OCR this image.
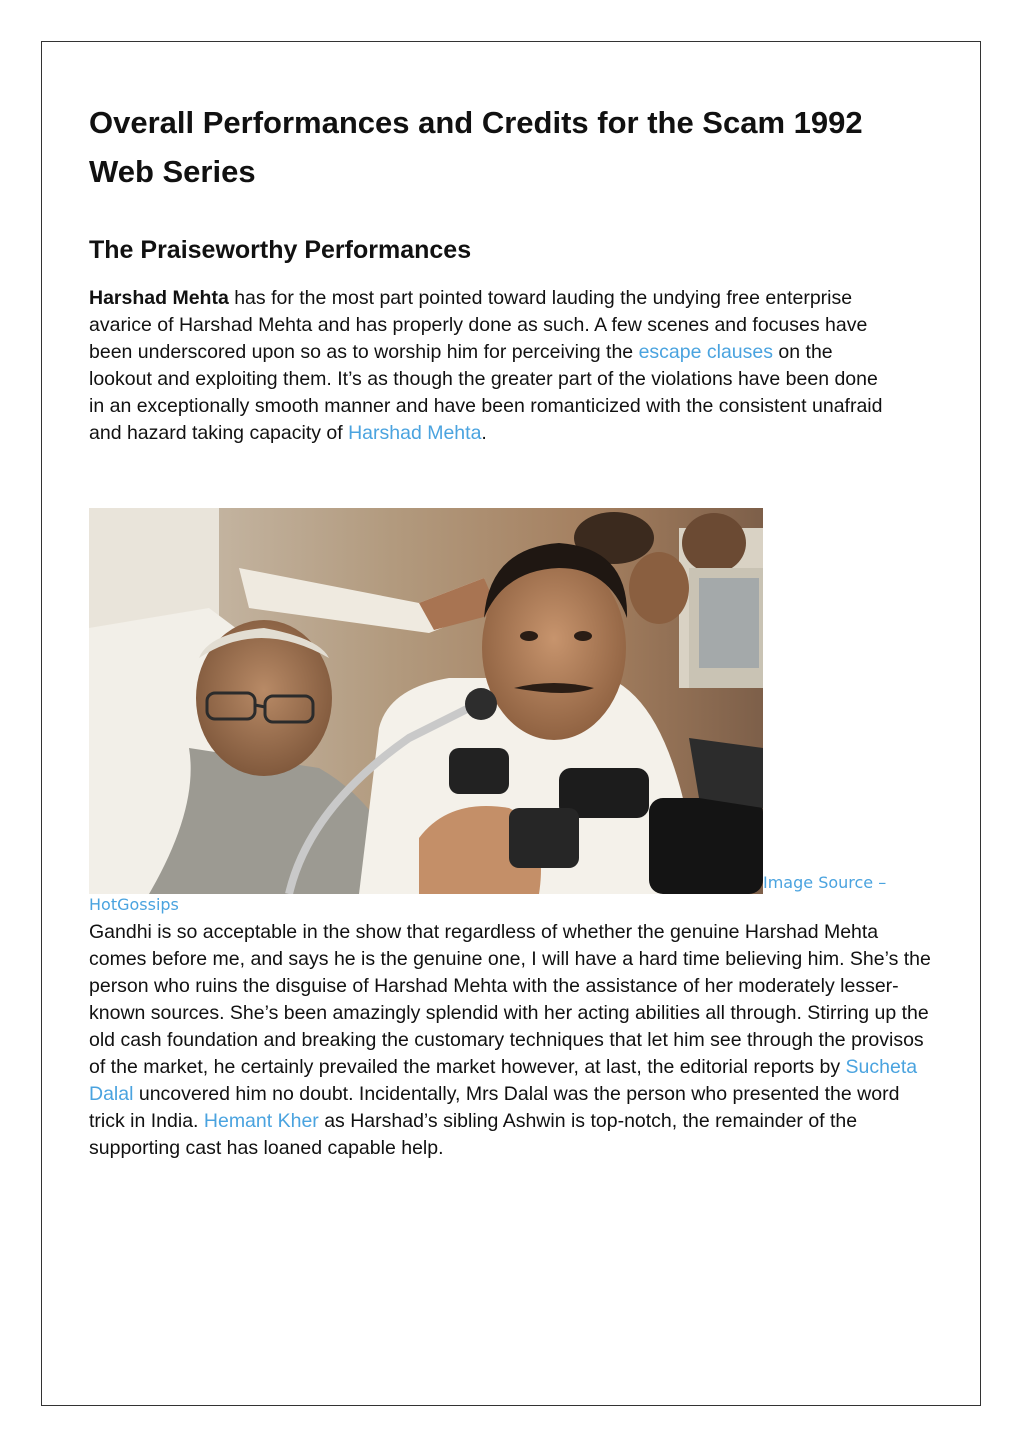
Overall Performances and Credits for the Scam 1992 Web Series
The Praiseworthy Performances

Harshad Mehta has for the most part pointed toward lauding the undying free enterprise avarice of Harshad Mehta and has properly done as such. A few scenes and focuses have been underscored upon so as to worship him for perceiving the escape clauses on the lookout and exploiting them. It’s as though the greater part of the violations have been done in an exceptionally smooth manner and have been romanticized with the consistent unafraid and hazard taking capacity of Harshad Mehta.

Image Source –
HotGossips

Gandhi is so acceptable in the show that regardless of whether the genuine Harshad Mehta comes before me, and says he is the genuine one, I will have a hard time believing him. She’s the person who ruins the disguise of Harshad Mehta with the assistance of her moderately lesser-known sources. She’s been amazingly splendid with her acting abilities all through. Stirring up the old cash foundation and breaking the customary techniques that let him see through the provisos of the market, he certainly prevailed the market however, at last, the editorial reports by Sucheta Dalal uncovered him no doubt. Incidentally, Mrs Dalal was the person who presented the word trick in India. Hemant Kher as Harshad’s sibling Ashwin is top-notch, the remainder of the supporting cast has loaned capable help.
